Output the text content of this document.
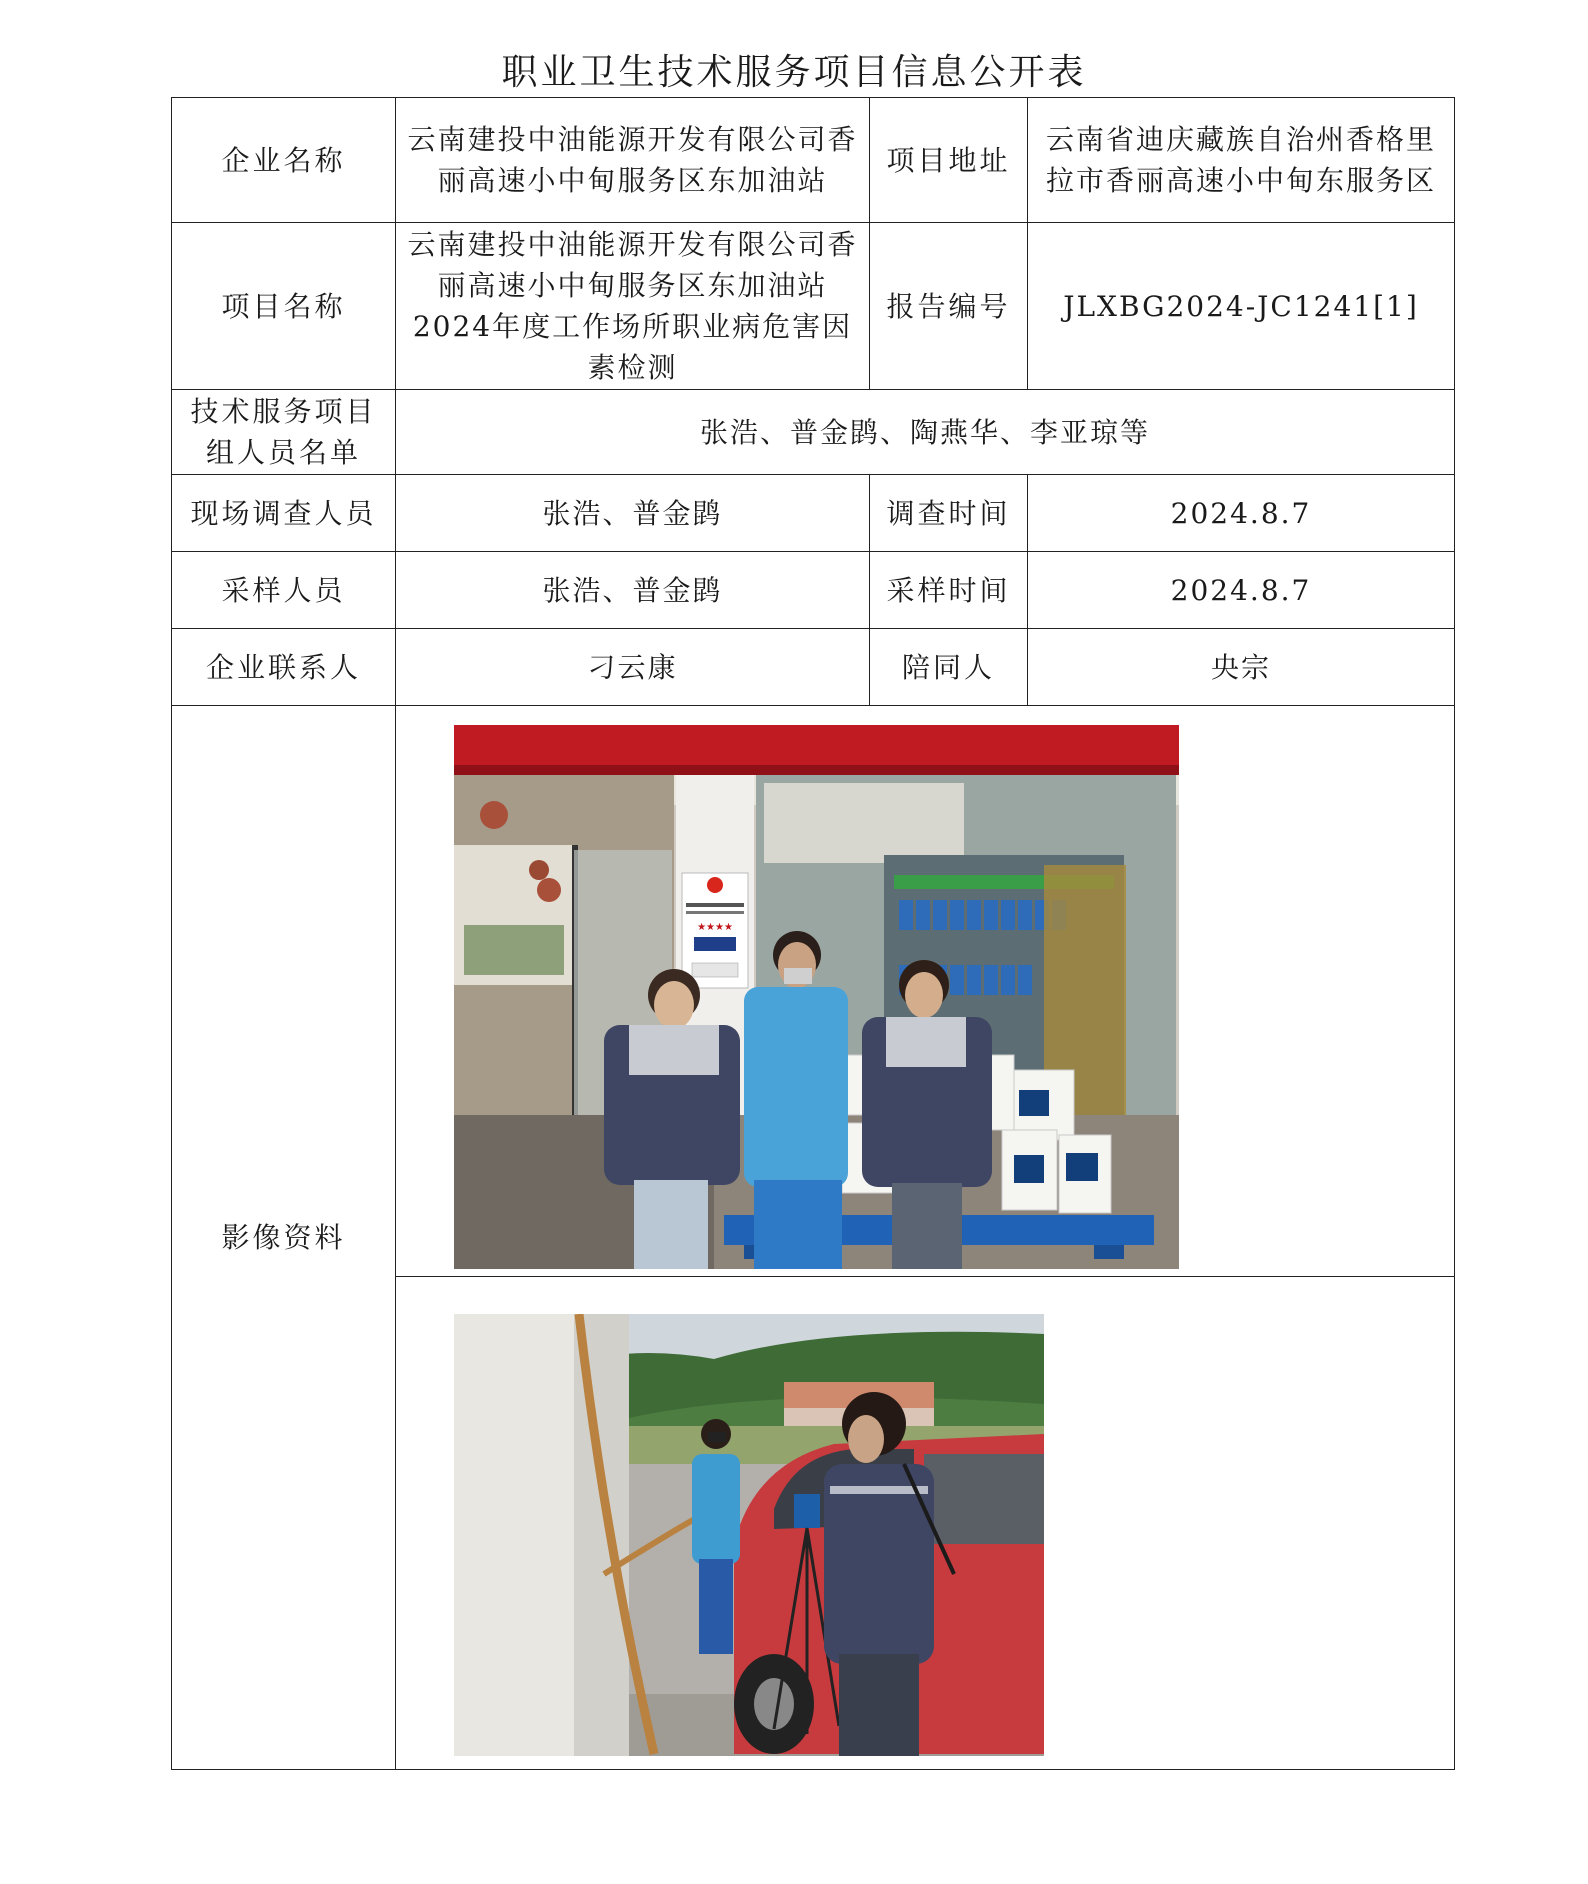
职业卫生技术服务项目信息公开表
企业名称	云南建投中油能源开发有限公司香丽高速小中甸服务区东加油站	项目地址	云南省迪庆藏族自治州香格里拉市香丽高速小中甸东服务区
项目名称	云南建投中油能源开发有限公司香丽高速小中甸服务区东加油站2024年度工作场所职业病危害因素检测	报告编号	JLXBG2024-JC1241[1]
技术服务项目组人员名单	张浩、普金鹍、陶燕华、李亚琼等		
现场调查人员	张浩、普金鹍	调查时间	2024.8.7
采样人员	张浩、普金鹍	采样时间	2024.8.7
企业联系人	刁云康	陪同人	央宗
影像资料	★★★★		
